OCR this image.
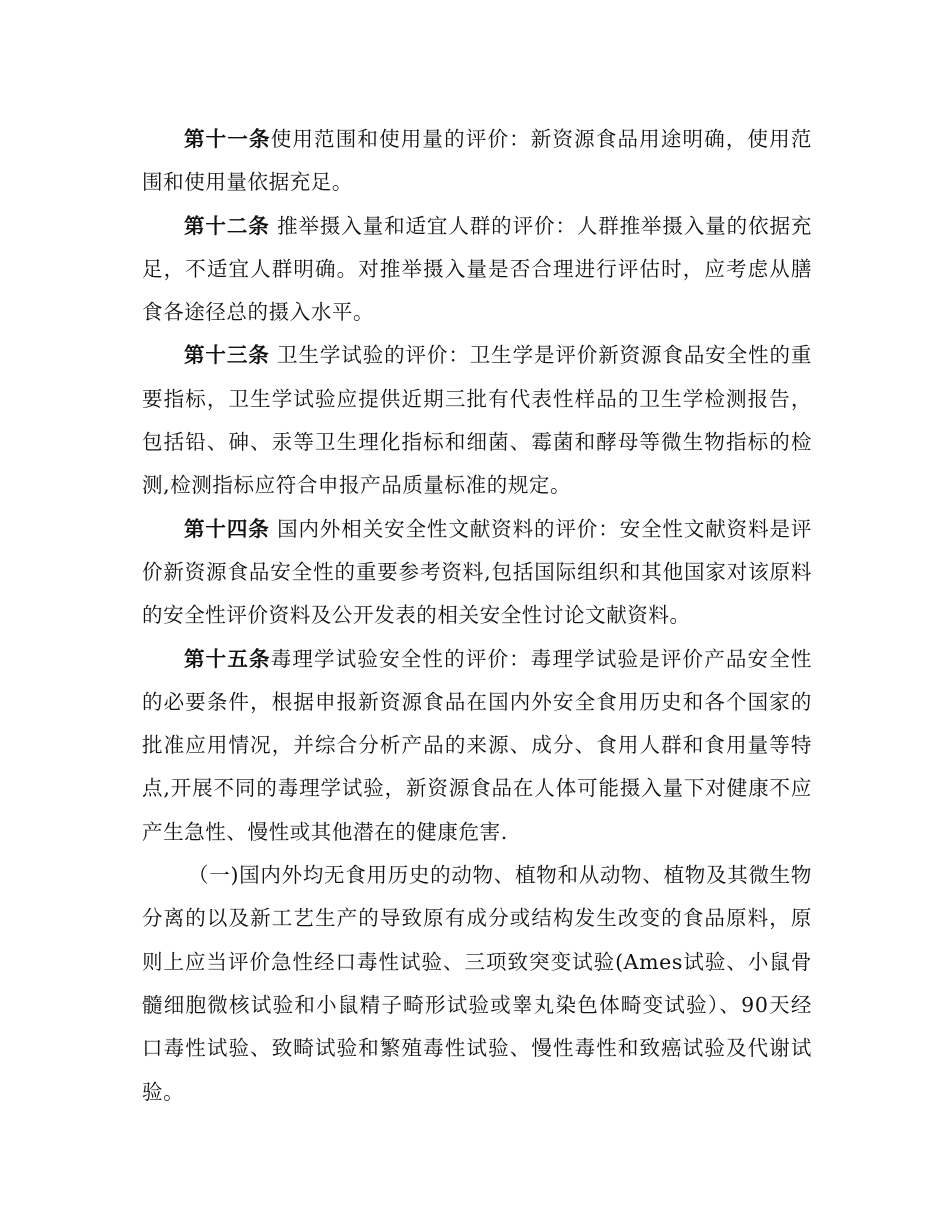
第十一条使用范围和使用量的评价：新资源食品用途明确，使用范围和使用量依据充足。

第十二条 推举摄入量和适宜人群的评价：人群推举摄入量的依据充足，不适宜人群明确。对推举摄入量是否合理进行评估时，应考虑从膳食各途径总的摄入水平。

第十三条 卫生学试验的评价：卫生学是评价新资源食品安全性的重要指标，卫生学试验应提供近期三批有代表性样品的卫生学检测报告，包括铅、砷、汞等卫生理化指标和细菌、霉菌和酵母等微生物指标的检测,检测指标应符合申报产品质量标准的规定。

第十四条 国内外相关安全性文献资料的评价：安全性文献资料是评价新资源食品安全性的重要参考资料,包括国际组织和其他国家对该原料的安全性评价资料及公开发表的相关安全性讨论文献资料。

第十五条毒理学试验安全性的评价：毒理学试验是评价产品安全性的必要条件，根据申报新资源食品在国内外安全食用历史和各个国家的批准应用情况，并综合分析产品的来源、成分、食用人群和食用量等特点,开展不同的毒理学试验，新资源食品在人体可能摄入量下对健康不应产生急性、慢性或其他潜在的健康危害.

（一)国内外均无食用历史的动物、植物和从动物、植物及其微生物分离的以及新工艺生产的导致原有成分或结构发生改变的食品原料，原则上应当评价急性经口毒性试验、三项致突变试验(Ames试验、小鼠骨髓细胞微核试验和小鼠精子畸形试验或睾丸染色体畸变试验）、90天经口毒性试验、致畸试验和繁殖毒性试验、慢性毒性和致癌试验及代谢试验。
